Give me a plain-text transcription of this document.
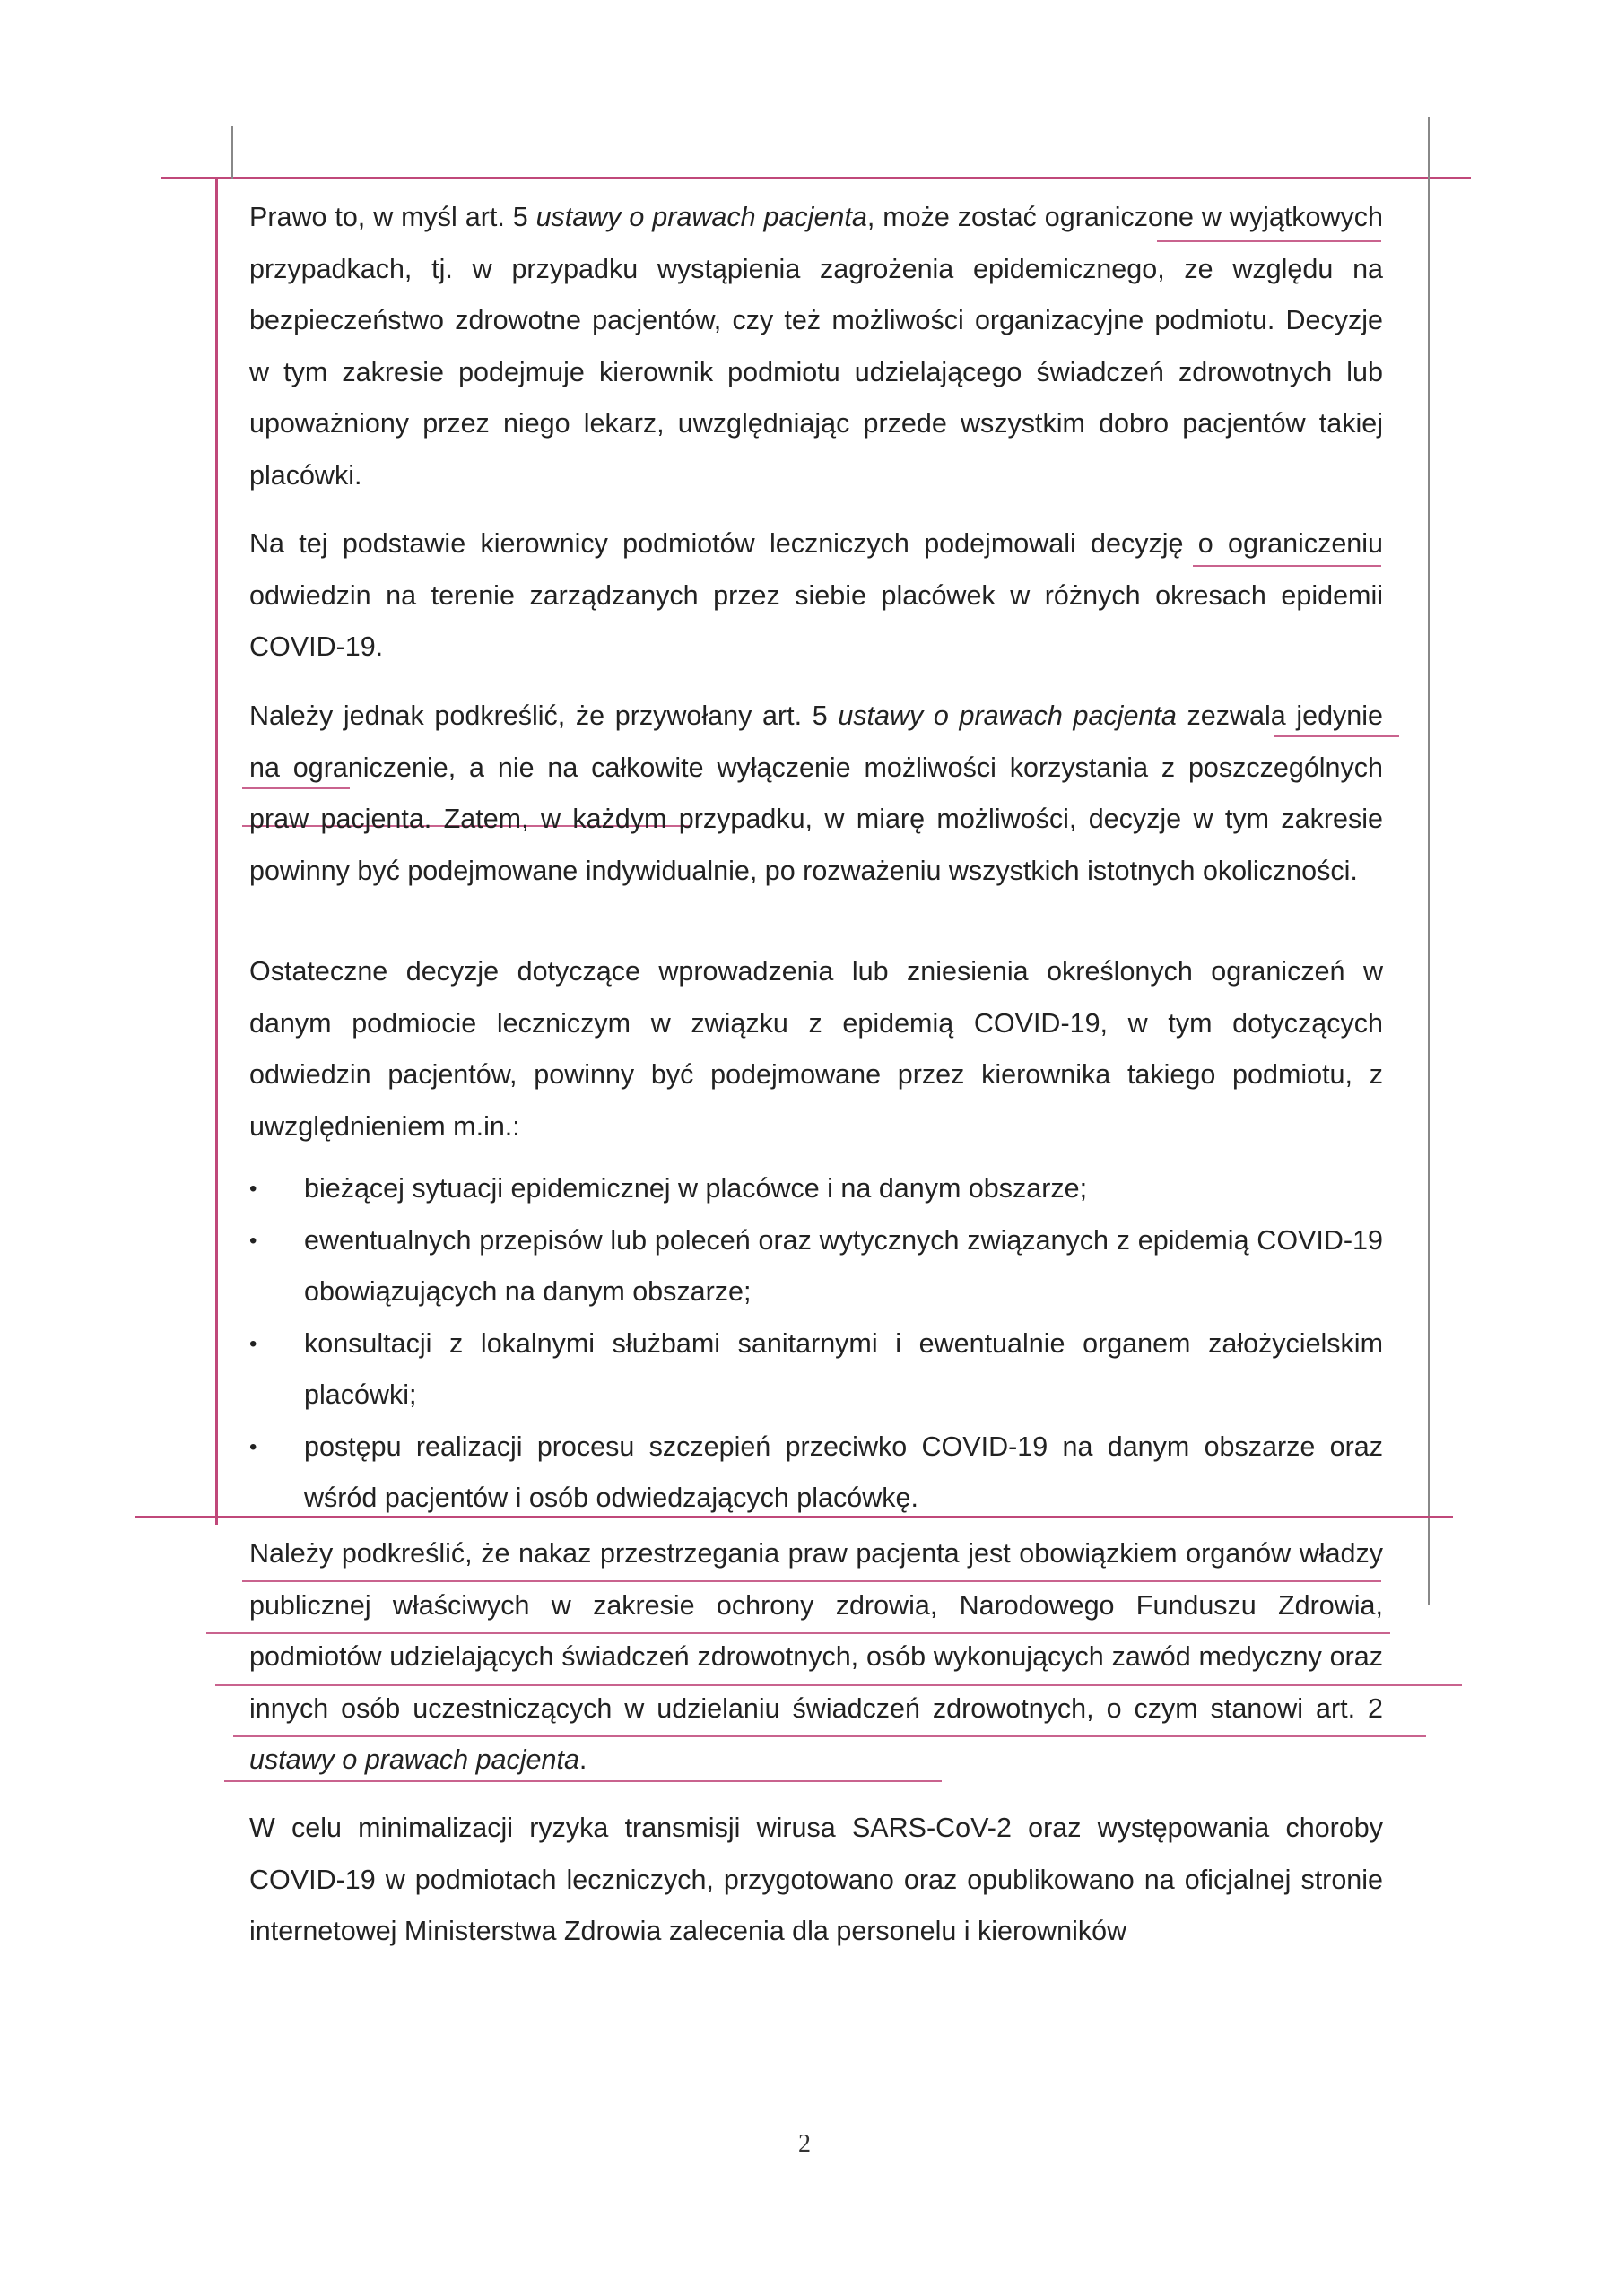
Prawo to, w myśl art. 5 ustawy o prawach pacjenta, może zostać ograniczone w wyjątkowych przypadkach, tj. w przypadku wystąpienia zagrożenia epidemicznego, ze względu na bezpieczeństwo zdrowotne pacjentów, czy też możliwości organizacyjne podmiotu. Decyzje w tym zakresie podejmuje kierownik podmiotu udzielającego świadczeń zdrowotnych lub upoważniony przez niego lekarz, uwzględniając przede wszystkim dobro pacjentów takiej placówki.

Na tej podstawie kierownicy podmiotów leczniczych podejmowali decyzję o ograniczeniu odwiedzin na terenie zarządzanych przez siebie placówek w różnych okresach epidemii COVID-19.

Należy jednak podkreślić, że przywołany art. 5 ustawy o prawach pacjenta zezwala jedynie na ograniczenie, a nie na całkowite wyłączenie możliwości korzystania z poszczególnych praw pacjenta. Zatem, w każdym przypadku, w miarę możliwości, decyzje w tym zakresie powinny być podejmowane indywidualnie, po rozważeniu wszystkich istotnych okoliczności.

Ostateczne decyzje dotyczące wprowadzenia lub zniesienia określonych ograniczeń w danym podmiocie leczniczym w związku z epidemią COVID-19, w tym dotyczących odwiedzin pacjentów, powinny być podejmowane przez kierownika takiego podmiotu, z uwzględnieniem m.in.:

•	bieżącej sytuacji epidemicznej w placówce i na danym obszarze;
•	ewentualnych przepisów lub poleceń oraz wytycznych związanych z epidemią COVID-19 obowiązujących na danym obszarze;
•	konsultacji z lokalnymi służbami sanitarnymi i ewentualnie organem założycielskim placówki;
•	postępu realizacji procesu szczepień przeciwko COVID-19 na danym obszarze oraz wśród pacjentów i osób odwiedzających placówkę.

Należy podkreślić, że nakaz przestrzegania praw pacjenta jest obowiązkiem organów władzy publicznej właściwych w zakresie ochrony zdrowia, Narodowego Funduszu Zdrowia, podmiotów udzielających świadczeń zdrowotnych, osób wykonujących zawód medyczny oraz innych osób uczestniczących w udzielaniu świadczeń zdrowotnych, o czym stanowi art. 2 ustawy o prawach pacjenta.

W celu minimalizacji ryzyka transmisji wirusa SARS-CoV-2 oraz występowania choroby COVID-19 w podmiotach leczniczych, przygotowano oraz opublikowano na oficjalnej stronie internetowej Ministerstwa Zdrowia zalecenia dla personelu i kierowników

2
